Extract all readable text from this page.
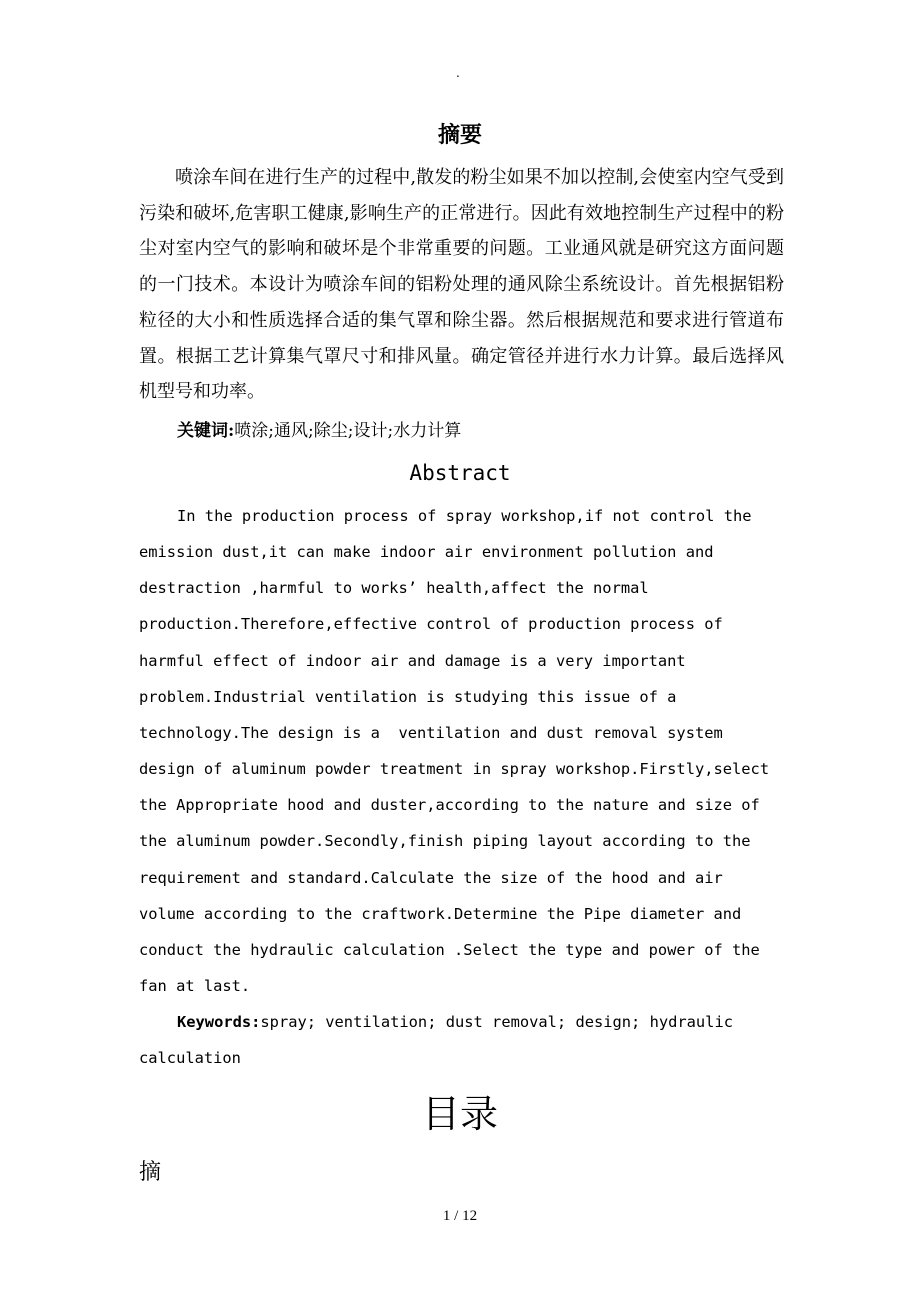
.
摘要

喷涂车间在进行生产的过程中,散发的粉尘如果不加以控制,会使室内空气受到污染和破坏,危害职工健康,影响生产的正常进行。因此有效地控制生产过程中的粉尘对室内空气的影响和破坏是个非常重要的问题。工业通风就是研究这方面问题的一门技术。本设计为喷涂车间的铝粉处理的通风除尘系统设计。首先根据铝粉粒径的大小和性质选择合适的集气罩和除尘器。然后根据规范和要求进行管道布置。根据工艺计算集气罩尺寸和排风量。确定管径并进行水力计算。最后选择风机型号和功率。

关键词:喷涂;通风;除尘;设计;水力计算

Abstract
In the production process of spray workshop,if not control the
emission dust,it can make indoor air environment pollution and
destraction ,harmful to works’ health,affect the normal
production.Therefore,effective control of production process of
harmful effect of indoor air and damage is a very important
problem.Industrial ventilation is studying this issue of a
technology.The design is a  ventilation and dust removal system
design of aluminum powder treatment in spray workshop.Firstly,select
the Appropriate hood and duster,according to the nature and size of
the aluminum powder.Secondly,finish piping layout according to the
requirement and standard.Calculate the size of the hood and air
volume according to the craftwork.Determine the Pipe diameter and
conduct the hydraulic calculation .Select the type and power of the
fan at last.
Keywords:spray; ventilation; dust removal; design; hydraulic
calculation
目录
摘
1 / 12
